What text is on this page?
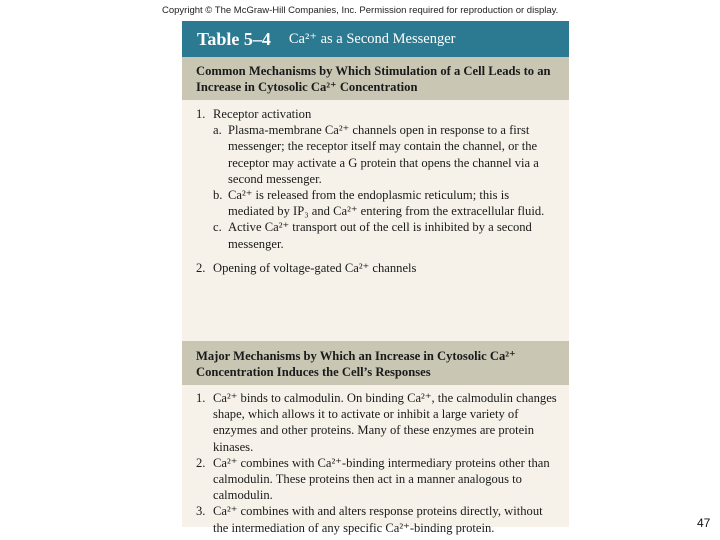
Copyright © The McGraw-Hill Companies, Inc. Permission required for reproduction or display.
Table 5–4 Ca²⁺ as a Second Messenger
Common Mechanisms by Which Stimulation of a Cell Leads to an Increase in Cytosolic Ca²⁺ Concentration
1. Receptor activation
a. Plasma-membrane Ca²⁺ channels open in response to a first messenger; the receptor itself may contain the channel, or the receptor may activate a G protein that opens the channel via a second messenger.
b. Ca²⁺ is released from the endoplasmic reticulum; this is mediated by IP₃ and Ca²⁺ entering from the extracellular fluid.
c. Active Ca²⁺ transport out of the cell is inhibited by a second messenger.
2. Opening of voltage-gated Ca²⁺ channels
Major Mechanisms by Which an Increase in Cytosolic Ca²⁺ Concentration Induces the Cell’s Responses
1. Ca²⁺ binds to calmodulin. On binding Ca²⁺, the calmodulin changes shape, which allows it to activate or inhibit a large variety of enzymes and other proteins. Many of these enzymes are protein kinases.
2. Ca²⁺ combines with Ca²⁺-binding intermediary proteins other than calmodulin. These proteins then act in a manner analogous to calmodulin.
3. Ca²⁺ combines with and alters response proteins directly, without the intermediation of any specific Ca²⁺-binding protein.	47
